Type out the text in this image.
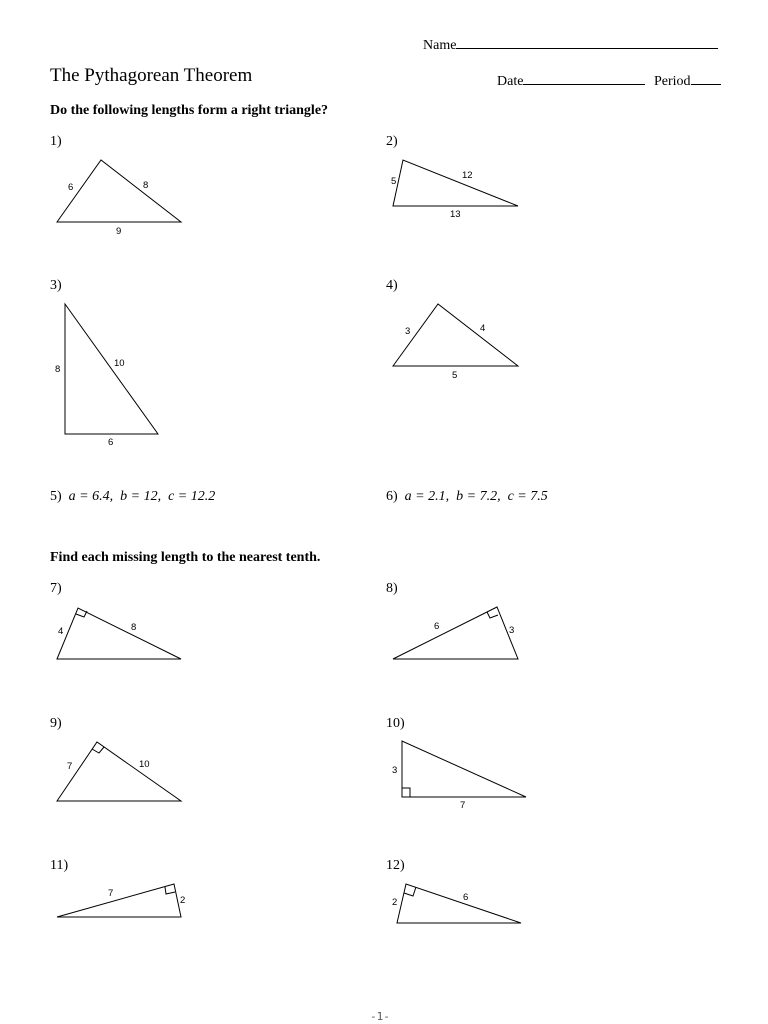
Name
The Pythagorean Theorem	Date	Period
Do the following lengths form a right triangle?
1)
6	8
9
2)
5
12
13
3)
8
10
6
4)
3	4
5
5)  a = 6.4,  b = 12,  c = 12.2	6)  a = 2.1,  b = 7.2,  c = 7.5
Find each missing length to the nearest tenth.
7)
4	8
8)
6	3
9)
7	10
10)
3
7
11)
7
2
12)
2	6
-1-
